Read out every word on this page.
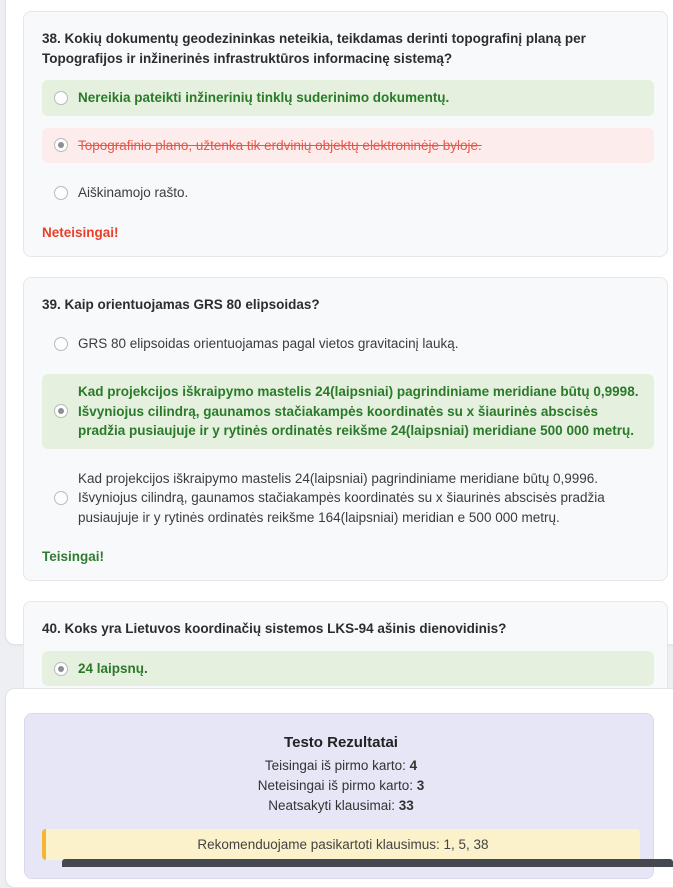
38. Kokių dokumentų geodezininkas neteikia, teikdamas derinti topografinį planą per Topografijos ir inžinerinės infrastruktūros informacinę sistemą?
Nereikia pateikti inžinerinių tinklų suderinimo dokumentų.
Topografinio plano, užtenka tik erdvinių objektų elektroninėje byloje.
Aiškinamojo rašto.
Neteisingai!
39. Kaip orientuojamas GRS 80 elipsoidas?
GRS 80 elipsoidas orientuojamas pagal vietos gravitacinį lauką.
Kad projekcijos iškraipymo mastelis 24(laipsniai) pagrindiniame meridiane būtų 0,9998. Išvyniojus cilindrą, gaunamos stačiakampės koordinatės su x šiaurinės abscisės pradžia pusiaujuje ir y rytinės ordinatės reikšme 24(laipsniai) meridiane 500 000 metrų.
Kad projekcijos iškraipymo mastelis 24(laipsniai) pagrindiniame meridiane būtų 0,9996. Išvyniojus cilindrą, gaunamos stačiakampės koordinatės su x šiaurinės abscisės pradžia pusiaujuje ir y rytinės ordinatės reikšme 164(laipsniai) meridian e 500 000 metrų.
Teisingai!
40. Koks yra Lietuvos koordinačių sistemos LKS-94 ašinis dienovidinis?
24 laipsnų.
Testo Rezultatai
Teisingai iš pirmo karto: 4
Neteisingai iš pirmo karto: 3
Neatsakyti klausimai: 33
Rekomenduojame pasikartoti klausimus: 1, 5, 38
